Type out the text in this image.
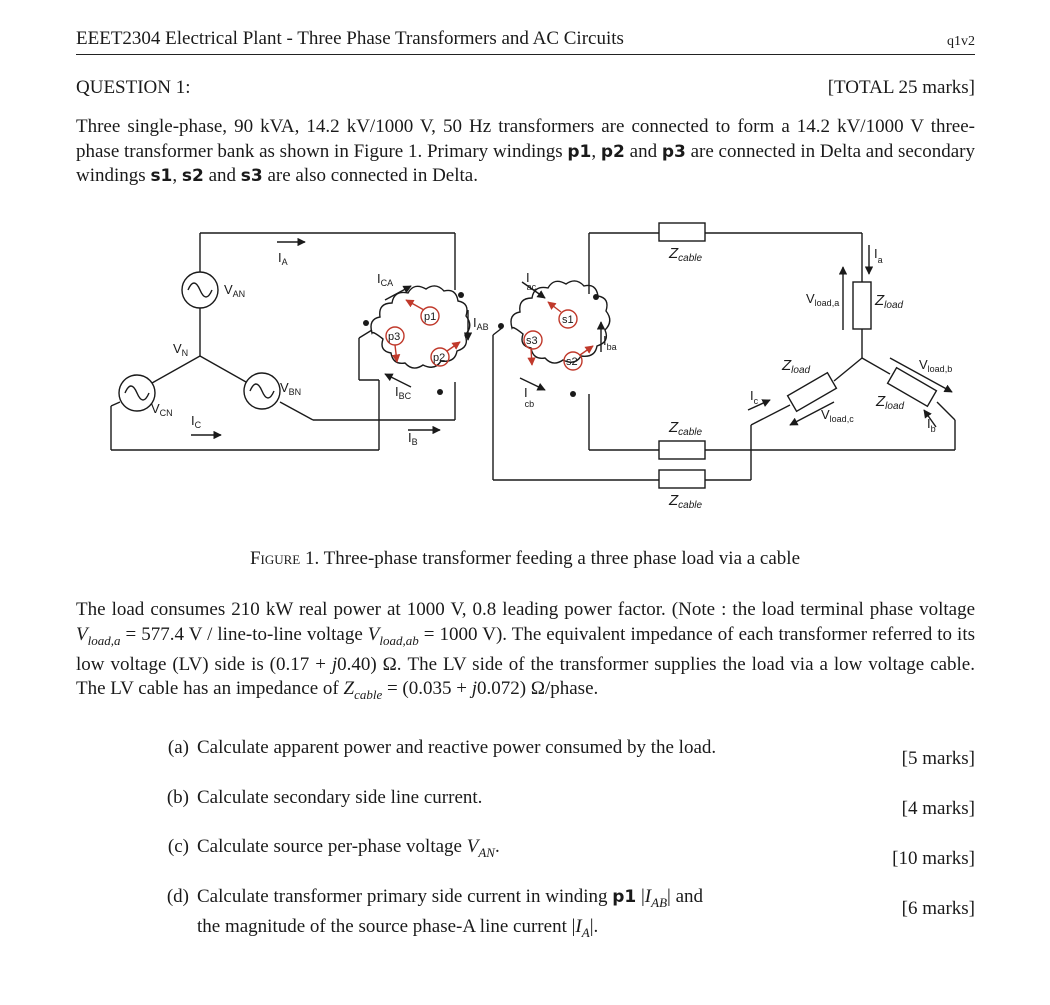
EEET2304 Electrical Plant - Three Phase Transformers and AC Circuits	q1v2
QUESTION 1:	[TOTAL 25 marks]
Three single-phase, 90 kVA, 14.2 kV/1000 V, 50 Hz transformers are connected to form a 14.2 kV/1000 V three-phase transformer bank as shown in Figure 1. Primary windings p1, p2 and p3 are connected in Delta and secondary windings s1, s2 and s3 are also connected in Delta.
$I_A$
$V_{AN}$
$V_N$
$V_{CN}$
$V_{BN}$
$I_C$
$I_{CA}$
$I_{AB}$
$I_{BC}$
$I_B$
p1
p3
p2
s1
s3
s2
I ac
$I_{ba}$
I cb
$I_a$
$I_c$
$I_b$
$V_{load,a}$
$V_{load,b}$
$V_{load,c}$
$Z_{cable}$
$Z_{cable}$
$Z_{cable}$
$Z_{load}$
$Z_{load}$
$Z_{load}$
Figure 1. Three-phase transformer feeding a three phase load via a cable
The load consumes 210 kW real power at 1000 V, 0.8 leading power factor. (Note : the load terminal phase voltage $V_{load,a} = 577.4$ V / line-to-line voltage $V_{load,ab} = 1000$ V). The equivalent impedance of each transformer referred to its low voltage (LV) side is (0.17 + j0.40) Ω. The LV side of the transformer supplies the load via a low voltage cable. The LV cable has an impedance of $Z_{cable} = (0.035 + j0.072)$ Ω/phase.
(a) Calculate apparent power and reactive power consumed by the load.
[5 marks]
(b) Calculate secondary side line current.
[4 marks]
(c) Calculate source per-phase voltage $V_{AN}$.
[10 marks]
(d) Calculate transformer primary side current in winding p1 $|I_{AB}|$ and
the magnitude of the source phase-A line current $|I_A|$.
[6 marks]
